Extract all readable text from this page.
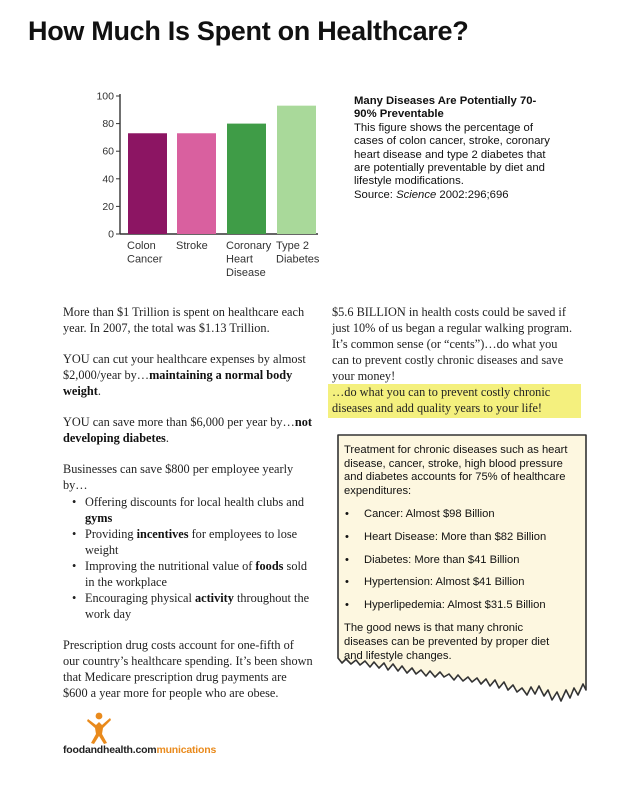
How Much Is Spent on Healthcare?
0
20
40
60
80
100
Colon Cancer
Stroke Coronary Heart Disease
Type 2 Diabetes

Many Diseases Are Potentially 70-90% Preventable

This figure shows the percentage of cases of colon cancer, stroke, coronary heart disease and type 2 diabetes that are potentially preventable by diet and lifestyle modifications.

Source: Science 2002:296;696

More than $1 Trillion is spent on healthcare each year. In 2007, the total was $1.13 Trillion.

YOU can cut your healthcare expenses by almost $2,000/year by…maintaining a normal body weight.

YOU can save more than $6,000 per year by…not developing diabetes.

Businesses can save $800 per employee yearly by…

• Offering discounts for local health clubs and gyms
• Providing incentives for employees to lose weight
• Improving the nutritional value of foods sold in the workplace
• Encouraging physical activity throughout the work day

Prescription drug costs account for one-fifth of our country’s healthcare spending. It’s been shown that Medicare prescription drug payments are $600 a year more for people who are obese.

$5.6 BILLION in health costs could be saved if just 10% of us began a regular walking program. It’s common sense (or “cents”)…do what you can to prevent costly chronic diseases and save your money!

…do what you can to prevent costly chronic diseases and add quality years to your life!

Treatment for chronic diseases such as heart disease, cancer, stroke, high blood pressure and diabetes accounts for 75% of healthcare expenditures:

• Cancer: Almost $98 Billion
• Heart Disease: More than $82 Billion
• Diabetes: More than $41 Billion
• Hypertension: Almost $41 Billion
• Hyperlipedemia: Almost $31.5 Billion

The good news is that many chronic diseases can be prevented by proper diet and lifestyle changes.

foodandhealth.communications
